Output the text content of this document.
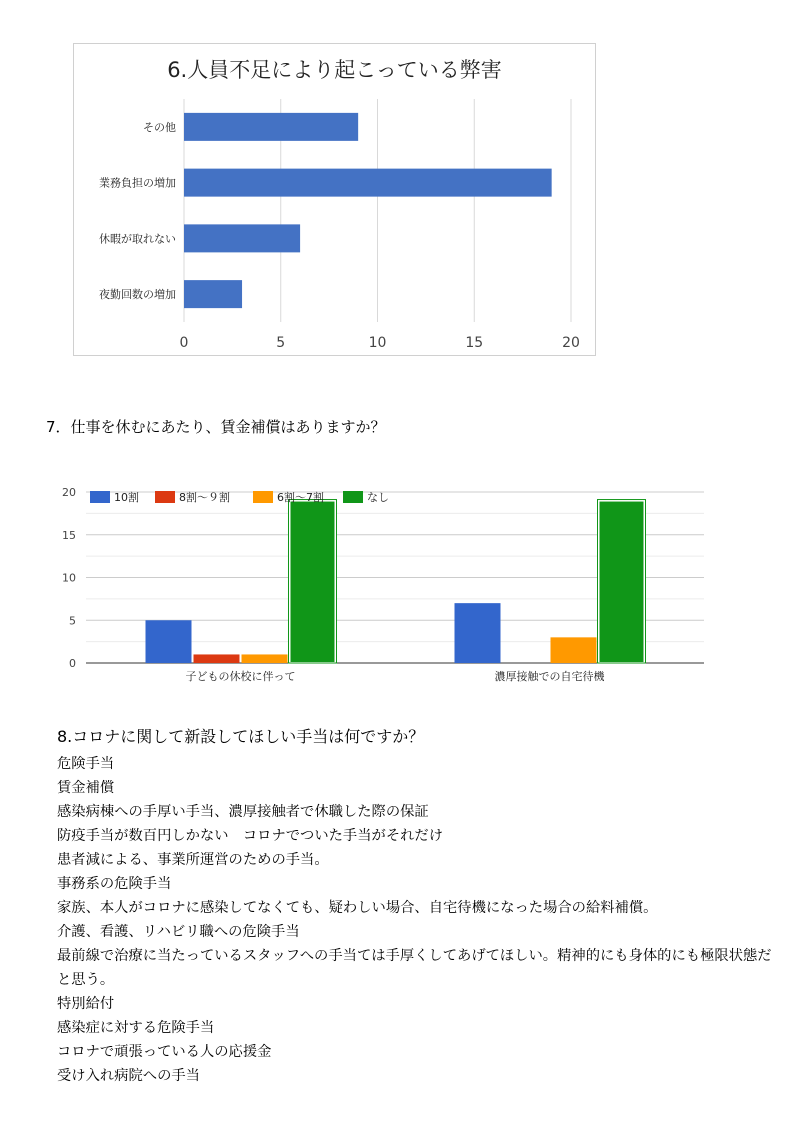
6.人員不足により起こっている弊害
0	5	10	15	20
その他
業務負担の増加
休暇が取れない
夜勤回数の増加
7．仕事を休むにあたり、賃金補償はありますか？
0
5
10
15
20
子どもの休校に伴って	濃厚接触での自宅待機
10割	8割～９割	6割～7割	なし
8.コロナに関して新設してほしい手当は何ですか？
危険手当
賃金補償
感染病棟への手厚い手当、濃厚接触者で休職した際の保証
防疫手当が数百円しかない　コロナでついた手当がそれだけ
患者減による、事業所運営のための手当。
事務系の危険手当
家族、本人がコロナに感染してなくても、疑わしい場合、自宅待機になった場合の給料補償。
介護、看護、リハビリ職への危険手当
最前線で治療に当たっているスタッフへの手当ては手厚くしてあげてほしい。精神的にも身体的にも極限状態だと思う。
特別給付
感染症に対する危険手当
コロナで頑張っている人の応援金
受け入れ病院への手当
